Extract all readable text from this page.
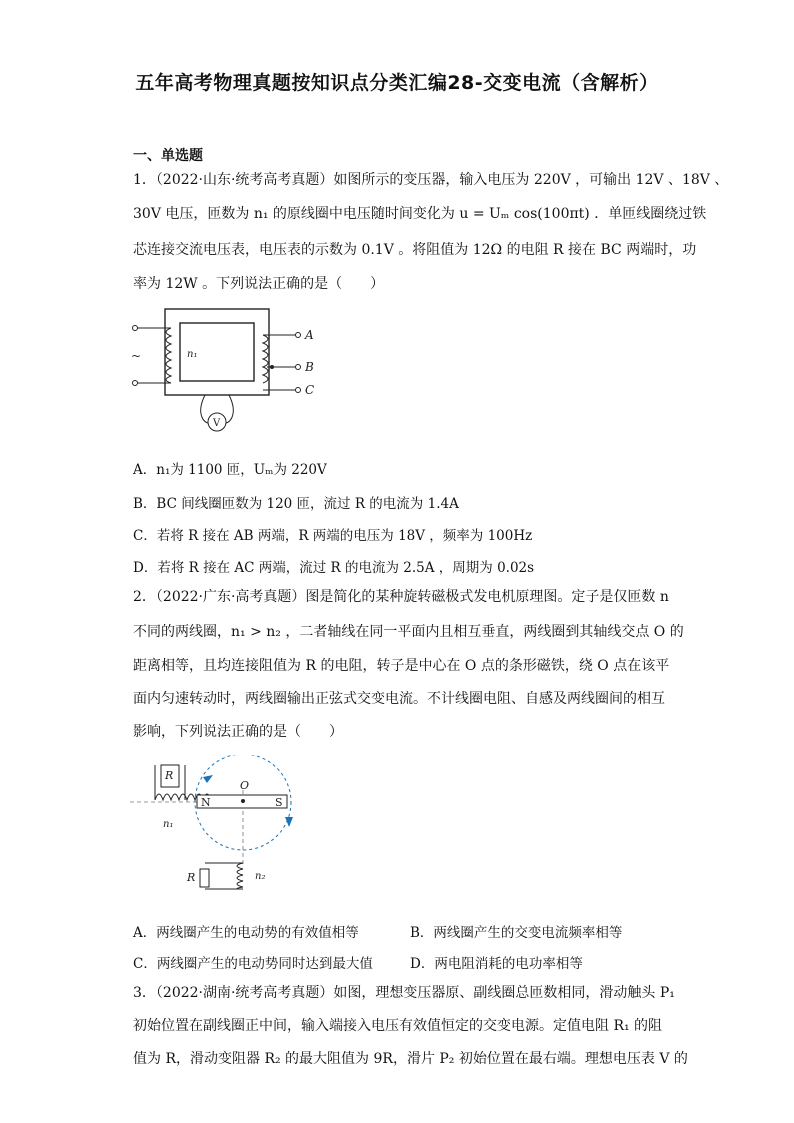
五年高考物理真题按知识点分类汇编28-交变电流（含解析）
一、单选题
1．（2022·山东·统考高考真题）如图所示的变压器，输入电压为 220V ，可输出 12V 、18V 、
30V 电压，匝数为 n₁ 的原线圈中电压随时间变化为 u = Uₘ cos(100πt) ．单匝线圈绕过铁
芯连接交流电压表，电压表的示数为 0.1V 。将阻值为 12Ω 的电阻 R 接在 BC 两端时，功
率为 12W 。下列说法正确的是（　　）
~	n₁
A
B
C
V
A．n₁为 1100 匝，Uₘ为 220V
B．BC 间线圈匝数为 120 匝，流过 R 的电流为 1.4A
C．若将 R 接在 AB 两端，R 两端的电压为 18V ，频率为 100Hz
D．若将 R 接在 AC 两端，流过 R 的电流为 2.5A ，周期为 0.02s
2．（2022·广东·高考真题）图是简化的某种旋转磁极式发电机原理图。定子是仅匝数 n
不同的两线圈，n₁ > n₂ ，二者轴线在同一平面内且相互垂直，两线圈到其轴线交点 O 的
距离相等，且均连接阻值为 R 的电阻，转子是中心在 O 点的条形磁铁，绕 O 点在该平
面内匀速转动时，两线圈输出正弦式交变电流。不计线圈电阻、自感及两线圈间的相互
影响，下列说法正确的是（　　）
R
n₁
N	S
O
R	n₂
A．两线圈产生的电动势的有效值相等	B．两线圈产生的交变电流频率相等
C．两线圈产生的电动势同时达到最大值	D．两电阻消耗的电功率相等
3．（2022·湖南·统考高考真题）如图，理想变压器原、副线圈总匝数相同，滑动触头 P₁
初始位置在副线圈正中间，输入端接入电压有效值恒定的交变电源。定值电阻 R₁ 的阻
值为 R，滑动变阻器 R₂ 的最大阻值为 9R，滑片 P₂ 初始位置在最右端。理想电压表 V 的
